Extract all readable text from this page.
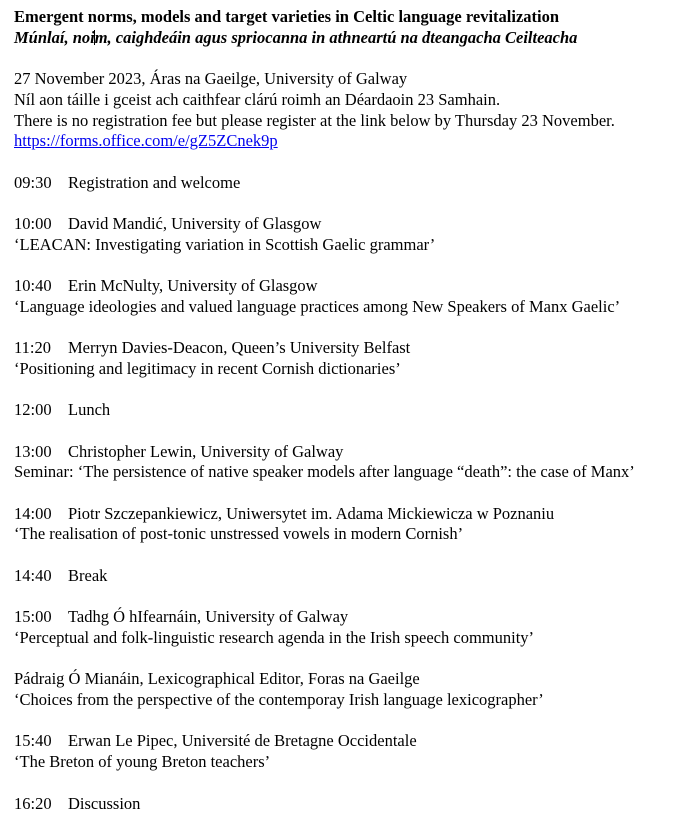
Emergent norms, models and target varieties in Celtic language revitalization
Múnlaí, noim, caighdeáin agus spriocanna in athneartú na dteangacha Ceilteacha
27 November 2023, Áras na Gaeilge, University of Galway
Níl aon táille i gceist ach caithfear clárú roimh an Déardaoin 23 Samhain.
There is no registration fee but please register at the link below by Thursday 23 November.
https://forms.office.com/e/gZ5ZCnek9p
09:30 Registration and welcome
10:00 David Mandić, University of Glasgow
‘LEACAN: Investigating variation in Scottish Gaelic grammar’
10:40 Erin McNulty, University of Glasgow
‘Language ideologies and valued language practices among New Speakers of Manx Gaelic’
11:20 Merryn Davies-Deacon, Queen’s University Belfast
‘Positioning and legitimacy in recent Cornish dictionaries’
12:00 Lunch
13:00 Christopher Lewin, University of Galway
Seminar: ‘The persistence of native speaker models after language “death”: the case of Manx’
14:00 Piotr Szczepankiewicz, Uniwersytet im. Adama Mickiewicza w Poznaniu
‘The realisation of post-tonic unstressed vowels in modern Cornish’
14:40 Break
15:00 Tadhg Ó hIfearnáin, University of Galway
‘Perceptual and folk-linguistic research agenda in the Irish speech community’
Pádraig Ó Mianáin, Lexicographical Editor, Foras na Gaeilge
‘Choices from the perspective of the contemporay Irish language lexicographer’
15:40 Erwan Le Pipec, Université de Bretagne Occidentale
‘The Breton of young Breton teachers’
16:20 Discussion
